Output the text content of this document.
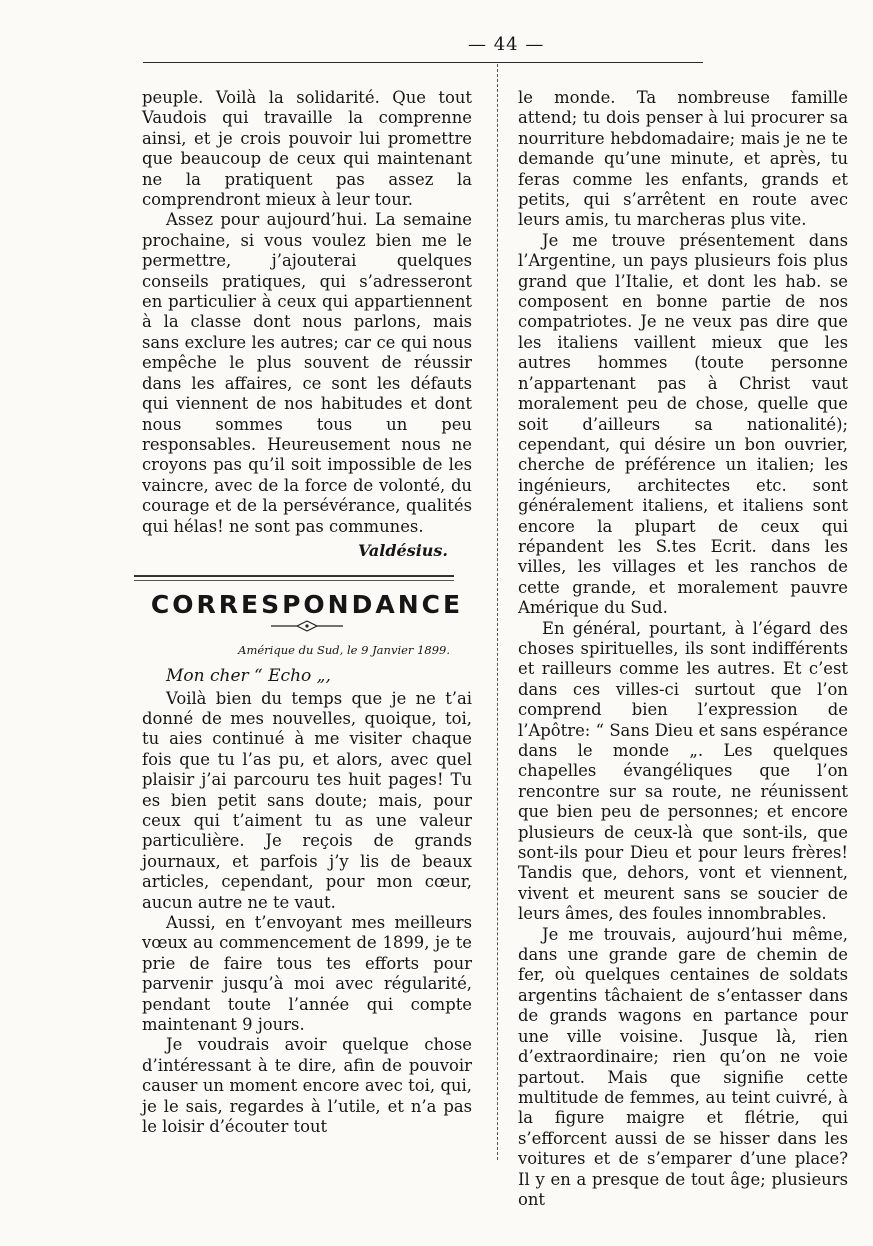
— 44 —

peuple. Voilà la solidarité. Que tout Vaudois qui travaille la comprenne ainsi, et je crois pouvoir lui promettre que beaucoup de ceux qui maintenant ne la pratiquent pas assez la comprendront mieux à leur tour.

Assez pour aujourd’hui. La semaine prochaine, si vous voulez bien me le permettre, j’ajouterai quelques conseils pratiques, qui s’adresseront en particulier à ceux qui appartiennent à la classe dont nous parlons, mais sans exclure les autres; car ce qui nous empêche le plus souvent de réussir dans les affaires, ce sont les défauts qui viennent de nos habitudes et dont nous sommes tous un peu responsables. Heureusement nous ne croyons pas qu’il soit impossible de les vaincre, avec de la force de volonté, du courage et de la persévérance, qualités qui hélas! ne sont pas communes.

Valdésius.
CORRESPONDANCE
Amérique du Sud, le 9 Janvier 1899.
Mon cher “ Echo „,

Voilà bien du temps que je ne t’ai donné de mes nouvelles, quoique, toi, tu aies continué à me visiter chaque fois que tu l’as pu, et alors, avec quel plaisir j’ai parcouru tes huit pages! Tu es bien petit sans doute; mais, pour ceux qui t’aiment tu as une valeur particulière. Je reçois de grands journaux, et parfois j’y lis de beaux articles, cependant, pour mon cœur, aucun autre ne te vaut.

Aussi, en t’envoyant mes meilleurs vœux au commencement de 1899, je te prie de faire tous tes efforts pour parvenir jusqu’à moi avec régularité, pendant toute l’année qui compte maintenant 9 jours.

Je voudrais avoir quelque chose d’intéressant à te dire, afin de pouvoir causer un moment encore avec toi, qui, je le sais, regardes à l’utile, et n’a pas le loisir d’écouter tout

le monde. Ta nombreuse famille attend; tu dois penser à lui procurer sa nourriture hebdomadaire; mais je ne te demande qu’une minute, et après, tu feras comme les enfants, grands et petits, qui s’arrêtent en route avec leurs amis, tu marcheras plus vite.

Je me trouve présentement dans l’Argentine, un pays plusieurs fois plus grand que l’Italie, et dont les hab. se composent en bonne partie de nos compatriotes. Je ne veux pas dire que les italiens vaillent mieux que les autres hommes (toute personne n’appartenant pas à Christ vaut moralement peu de chose, quelle que soit d’ailleurs sa nationalité); cependant, qui désire un bon ouvrier, cherche de préférence un italien; les ingénieurs, architectes etc. sont généralement italiens, et italiens sont encore la plupart de ceux qui répandent les S.tes Ecrit. dans les villes, les villages et les ranchos de cette grande, et moralement pauvre Amérique du Sud.

En général, pourtant, à l’égard des choses spirituelles, ils sont indifférents et railleurs comme les autres. Et c’est dans ces villes-ci surtout que l’on comprend bien l’expression de l’Apôtre: “ Sans Dieu et sans espérance dans le monde „. Les quelques chapelles évangéliques que l’on rencontre sur sa route, ne réunissent que bien peu de personnes; et encore plusieurs de ceux-là que sont-ils, que sont-ils pour Dieu et pour leurs frères! Tandis que, dehors, vont et viennent, vivent et meurent sans se soucier de leurs âmes, des foules innombrables.

Je me trouvais, aujourd’hui même, dans une grande gare de chemin de fer, où quelques centaines de soldats argentins tâchaient de s’entasser dans de grands wagons en partance pour une ville voisine. Jusque là, rien d’extraordinaire; rien qu’on ne voie partout. Mais que signifie cette multitude de femmes, au teint cuivré, à la figure maigre et flétrie, qui s’efforcent aussi de se hisser dans les voitures et de s’emparer d’une place? Il y en a presque de tout âge; plusieurs ont
